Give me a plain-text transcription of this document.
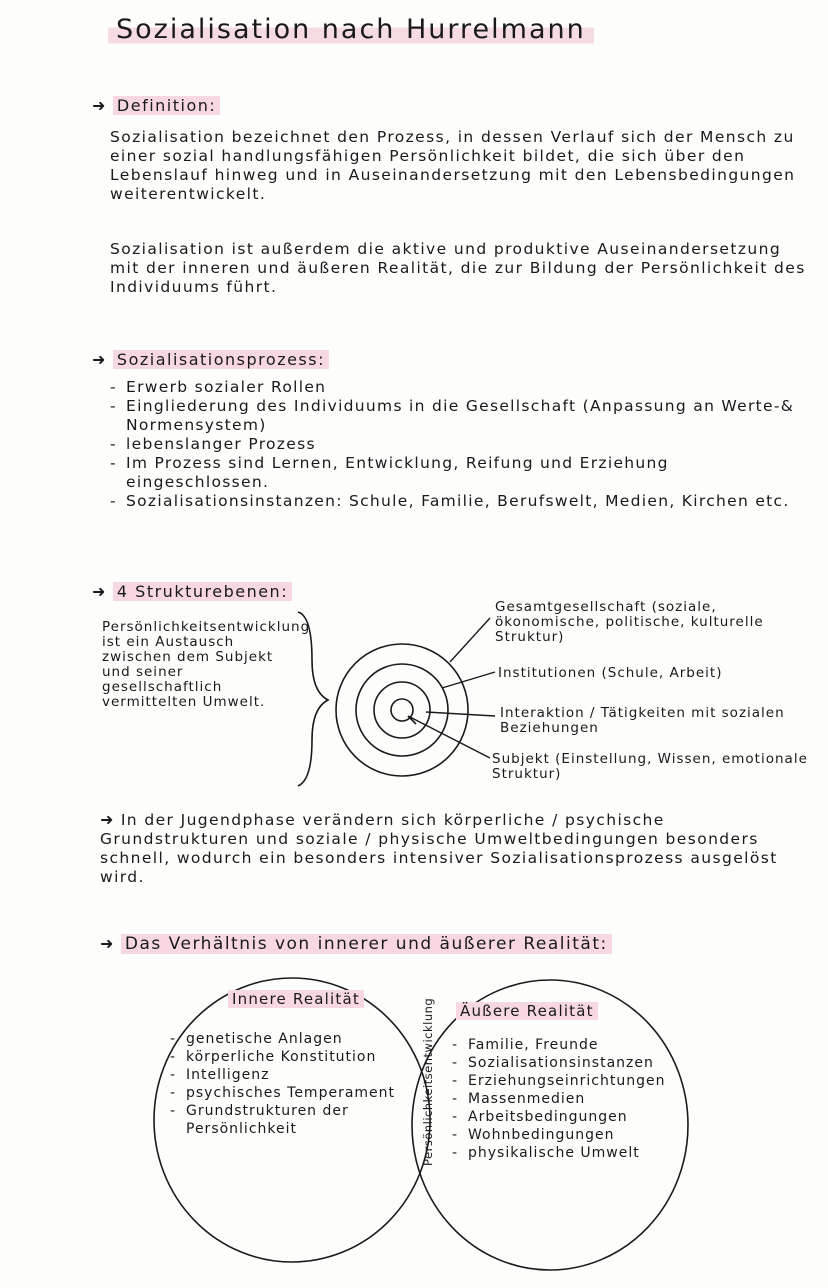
Sozialisation nach Hurrelmann
➜ Definition:
Sozialisation bezeichnet den Prozess, in dessen Verlauf sich der Mensch zu einer sozial handlungsfähigen Persönlichkeit bildet, die sich über den Lebenslauf hinweg und in Auseinandersetzung mit den Lebensbedingungen weiterentwickelt.
Sozialisation ist außerdem die aktive und produktive Auseinandersetzung mit der inneren und äußeren Realität, die zur Bildung der Persönlichkeit des Individuums führt.
➜ Sozialisationsprozess:
- Erwerb sozialer Rollen
- Eingliederung des Individuums in die Gesellschaft (Anpassung an Werte-& Normensystem)
- lebenslanger Prozess
- Im Prozess sind Lernen, Entwicklung, Reifung und Erziehung eingeschlossen.
- Sozialisationsinstanzen: Schule, Familie, Berufswelt, Medien, Kirchen etc.
➜ 4 Strukturebenen:
Persönlichkeitsentwicklung ist ein Austausch zwischen dem Subjekt und seiner gesellschaftlich vermittelten Umwelt.
Gesamtgesellschaft (soziale, ökonomische, politische, kulturelle Struktur)
Institutionen (Schule, Arbeit)
Interaktion / Tätigkeiten mit sozialen Beziehungen
Subjekt (Einstellung, Wissen, emotionale Struktur)
➜ In der Jugendphase verändern sich körperliche / psychische Grundstrukturen und soziale / physische Umweltbedingungen besonders schnell, wodurch ein besonders intensiver Sozialisationsprozess ausgelöst wird.
➜ Das Verhältnis von innerer und äußerer Realität:
Innere Realität
- genetische Anlagen
- körperliche Konstitution
- Intelligenz
- psychisches Temperament
- Grundstrukturen der Persönlichkeit
Äußere Realität
- Familie, Freunde
- Sozialisationsinstanzen
- Erziehungseinrichtungen
- Massenmedien
- Arbeitsbedingungen
- Wohnbedingungen
- physikalische Umwelt
Persönlichkeitsentwicklung
